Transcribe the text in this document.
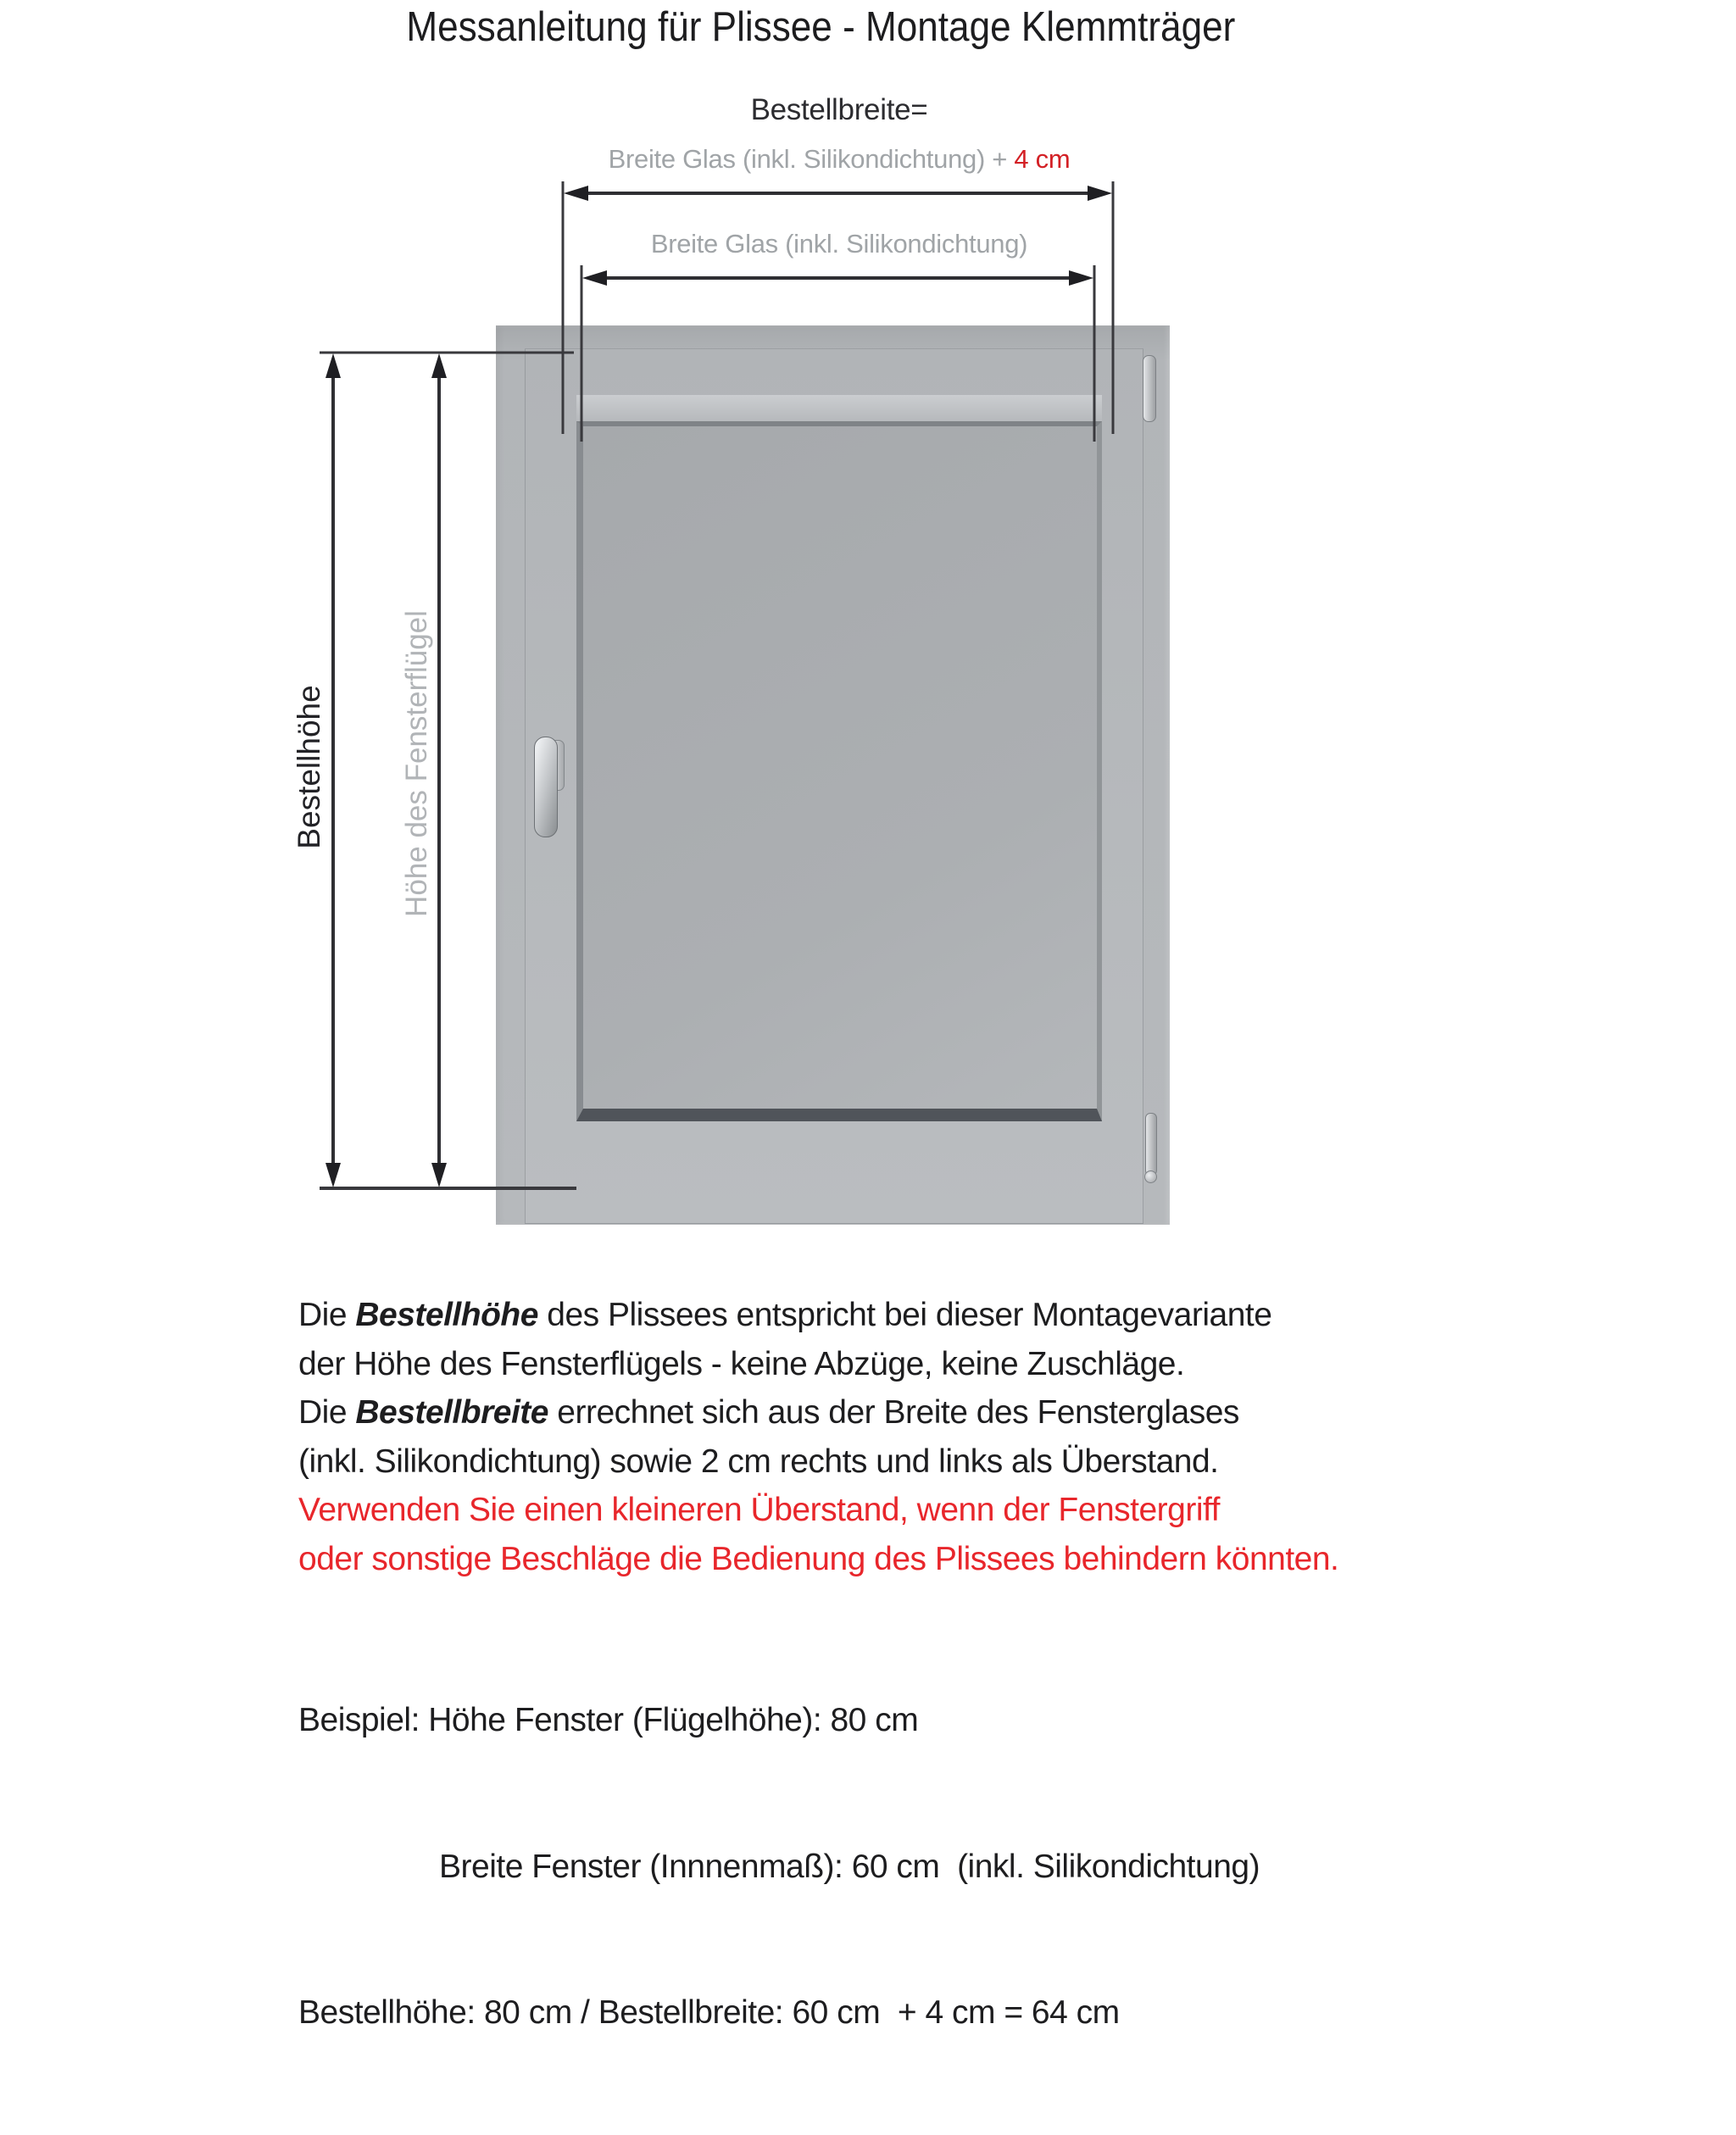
Messanleitung für Plissee - Montage Klemmträger
Bestellbreite=
Breite Glas (inkl. Silikondichtung) + 4 cm
Breite Glas (inkl. Silikondichtung)
Bestellhöhe Höhe des Fensterflügel
Die Bestellhöhe des Plissees entspricht bei dieser Montagevariante
der Höhe des Fensterflügels - keine Abzüge, keine Zuschläge.
Die Bestellbreite errechnet sich aus der Breite des Fensterglases
(inkl. Silikondichtung) sowie 2 cm rechts und links als Überstand.
Verwenden Sie einen kleineren Überstand, wenn der Fenstergriff
oder sonstige Beschläge die Bedienung des Plissees behindern könnten.

Beispiel: Höhe Fenster (Flügelhöhe): 80 cm

Breite Fenster (Innnenmaß): 60 cm  (inkl. Silikondichtung)

Bestellhöhe: 80 cm / Bestellbreite: 60 cm  + 4 cm = 64 cm
